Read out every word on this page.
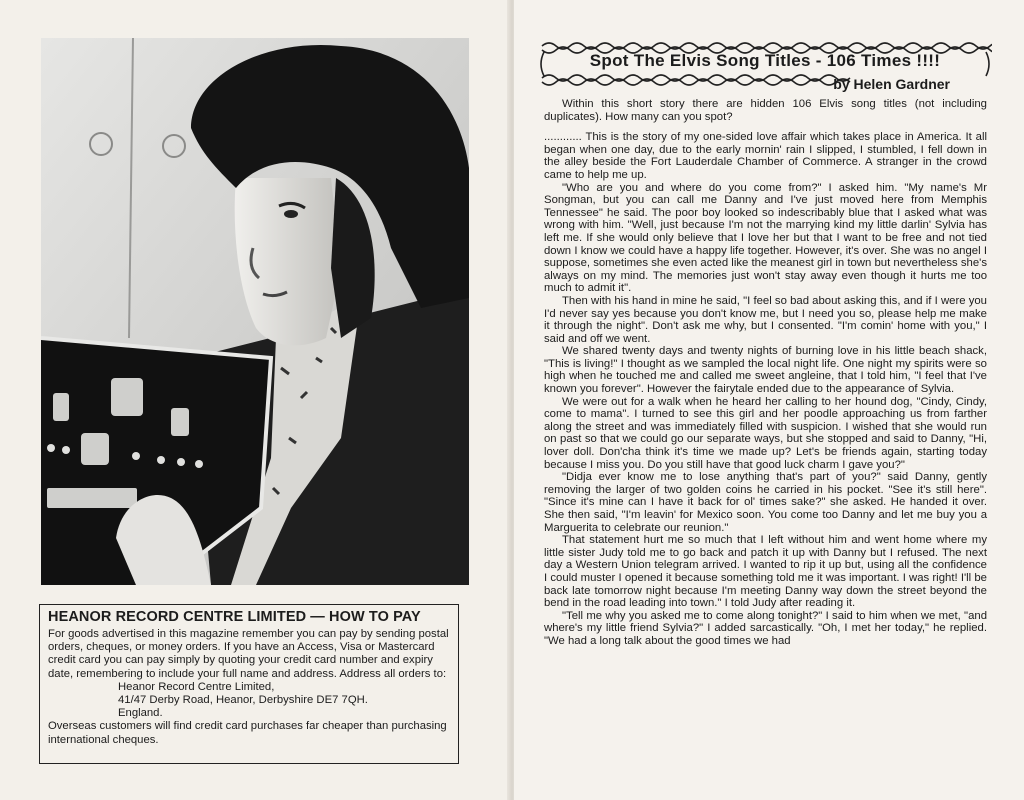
HEANOR RECORD CENTRE LIMITED — HOW TO PAY

For goods advertised in this magazine remember you can pay by sending postal orders, cheques, or money orders. If you have an Access, Visa or Mastercard credit card you can pay simply by quoting your credit card number and expiry date, remembering to include your full name and address. Address all orders to:

Heanor Record Centre Limited,
41/47 Derby Road, Heanor, Derbyshire DE7 7QH.
England.

Overseas customers will find credit card purchases far cheaper than purchasing international cheques.

Spot The Elvis Song Titles - 106 Times !!!!
by Helen Gardner

Within this short story there are hidden 106 Elvis song titles (not including duplicates). How many can you spot?

............ This is the story of my one-sided love affair which takes place in America. It all began when one day, due to the early mornin' rain I slipped, I stumbled, I fell down in the alley beside the Fort Lauderdale Chamber of Commerce. A stranger in the crowd came to help me up.

"Who are you and where do you come from?" I asked him. "My name's Mr Songman, but you can call me Danny and I've just moved here from Memphis Tennessee" he said. The poor boy looked so indescribably blue that I asked what was wrong with him. "Well, just because I'm not the marrying kind my little darlin' Sylvia has left me. If she would only believe that I love her but that I want to be free and not tied down I know we could have a happy life together. However, it's over. She was no angel I suppose, sometimes she even acted like the meanest girl in town but nevertheless she's always on my mind. The memories just won't stay away even though it hurts me too much to admit it".

Then with his hand in mine he said, "I feel so bad about asking this, and if I were you I'd never say yes because you don't know me, but I need you so, please help me make it through the night". Don't ask me why, but I consented. "I'm comin' home with you," I said and off we went.

We shared twenty days and twenty nights of burning love in his little beach shack, "This is living!" I thought as we sampled the local night life. One night my spirits were so high when he touched me and called me sweet angleine, that I told him, "I feel that I've known you forever". However the fairytale ended due to the appearance of Sylvia.

We were out for a walk when he heard her calling to her hound dog, "Cindy, Cindy, come to mama". I turned to see this girl and her poodle approaching us from farther along the street and was immediately filled with suspicion. I wished that she would run on past so that we could go our separate ways, but she stopped and said to Danny, "Hi, lover doll. Don'cha think it's time we made up? Let's be friends again, starting today because I miss you. Do you still have that good luck charm I gave you?"

"Didja ever know me to lose anything that's part of you?" said Danny, gently removing the larger of two golden coins he carried in his pocket. "See it's still here". "Since it's mine can I have it back for ol' times sake?" she asked. He handed it over. She then said, "I'm leavin' for Mexico soon. You come too Danny and let me buy you a Marguerita to celebrate our reunion."

That statement hurt me so much that I left without him and went home where my little sister Judy told me to go back and patch it up with Danny but I refused. The next day a Western Union telegram arrived. I wanted to rip it up but, using all the confidence I could muster I opened it because something told me it was important. I was right! I'll be back late tomorrow night because I'm meeting Danny way down the street beyond the bend in the road leading into town." I told Judy after reading it.

"Tell me why you asked me to come along tonight?" I said to him when we met, "and where's my little friend Sylvia?" I added sarcastically. "Oh, I met her today," he replied. "We had a long talk about the good times we had
